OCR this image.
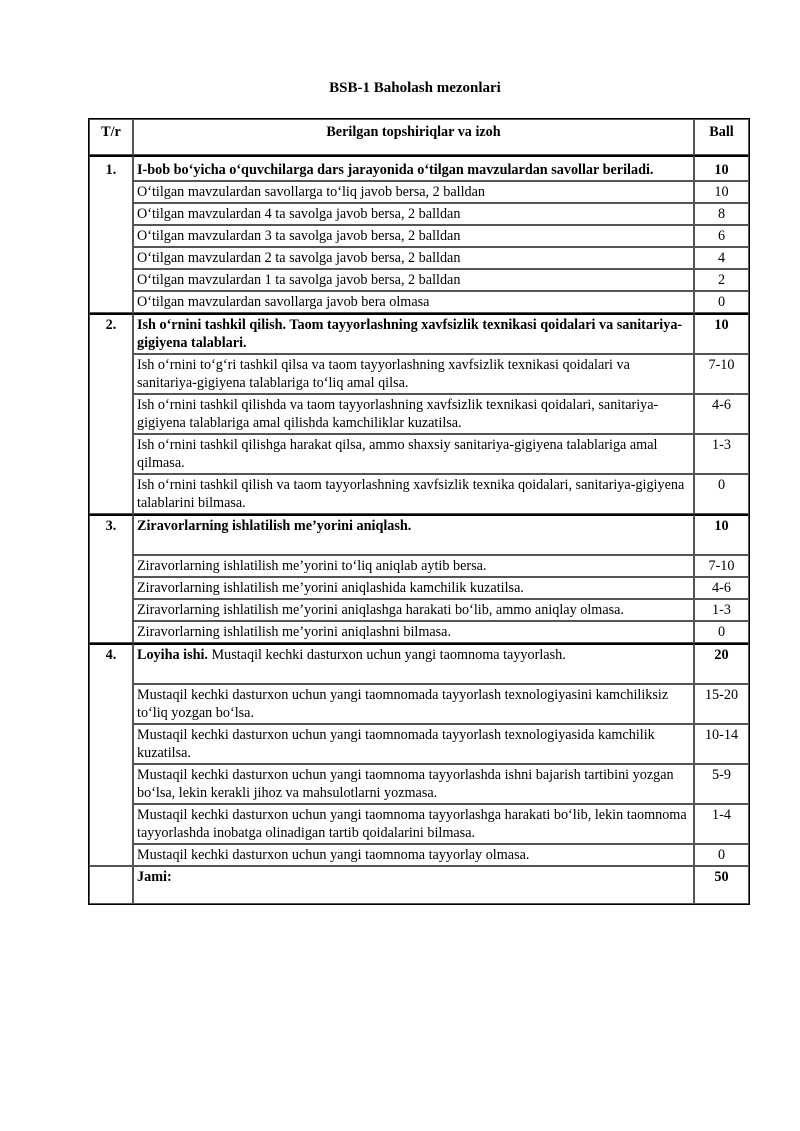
BSB-1 Baholash mezonlari
T/r	Berilgan topshiriqlar va izoh	Ball
1.	I-bob bo‘yicha o‘quvchilarga dars jarayonida o‘tilgan mavzulardan savollar beriladi.	10
	O‘tilgan mavzulardan savollarga to‘liq javob bersa, 2 balldan	10
	O‘tilgan mavzulardan 4 ta savolga javob bersa, 2 balldan	8
	O‘tilgan mavzulardan 3 ta savolga javob bersa, 2 balldan	6
	O‘tilgan mavzulardan 2 ta savolga javob bersa, 2 balldan	4
	O‘tilgan mavzulardan 1 ta savolga javob bersa, 2 balldan	2
	O‘tilgan mavzulardan savollarga javob bera olmasa	0
2.	Ish o‘rnini tashkil qilish. Taom tayyorlashning xavfsizlik texnikasi qoidalari va sanitariya-gigiyena talablari.	10
	Ish o‘rnini to‘g‘ri tashkil qilsa va taom tayyorlashning xavfsizlik texnikasi qoidalari va sanitariya-gigiyena talablariga to‘liq amal qilsa.	7-10
	Ish o‘rnini tashkil qilishda va taom tayyorlashning xavfsizlik texnikasi qoidalari, sanitariya-gigiyena talablariga amal qilishda kamchiliklar kuzatilsa.	4-6
	Ish o‘rnini tashkil qilishga harakat qilsa, ammo shaxsiy sanitariya-gigiyena talablariga amal qilmasa.	1-3
	Ish o‘rnini tashkil qilish va taom tayyorlashning xavfsizlik texnika qoidalari, sanitariya-gigiyena talablarini bilmasa.	0
3.	Ziravorlarning ishlatilish me’yorini aniqlash.	10
	Ziravorlarning ishlatilish me’yorini to‘liq aniqlab aytib bersa.	7-10
	Ziravorlarning ishlatilish me’yorini aniqlashida kamchilik kuzatilsa.	4-6
	Ziravorlarning ishlatilish me’yorini aniqlashga harakati bo‘lib, ammo aniqlay olmasa.	1-3
	Ziravorlarning ishlatilish me’yorini aniqlashni bilmasa.	0
4.	Loyiha ishi. Mustaqil kechki dasturxon uchun yangi taomnoma tayyorlash.	20
	Mustaqil kechki dasturxon uchun yangi taomnomada tayyorlash texnologiyasini kamchiliksiz to‘liq yozgan bo‘lsa.	15-20
	Mustaqil kechki dasturxon uchun yangi taomnomada tayyorlash texnologiyasida kamchilik kuzatilsa.	10-14
	Mustaqil kechki dasturxon uchun yangi taomnoma tayyorlashda ishni bajarish tartibini yozgan bo‘lsa, lekin kerakli jihoz va mahsulotlarni yozmasa.	5-9
	Mustaqil kechki dasturxon uchun yangi taomnoma tayyorlashga harakati bo‘lib, lekin taomnoma tayyorlashda inobatga olinadigan tartib qoidalarini bilmasa.	1-4
	Mustaqil kechki dasturxon uchun yangi taomnoma tayyorlay olmasa.	0
	Jami:	50
